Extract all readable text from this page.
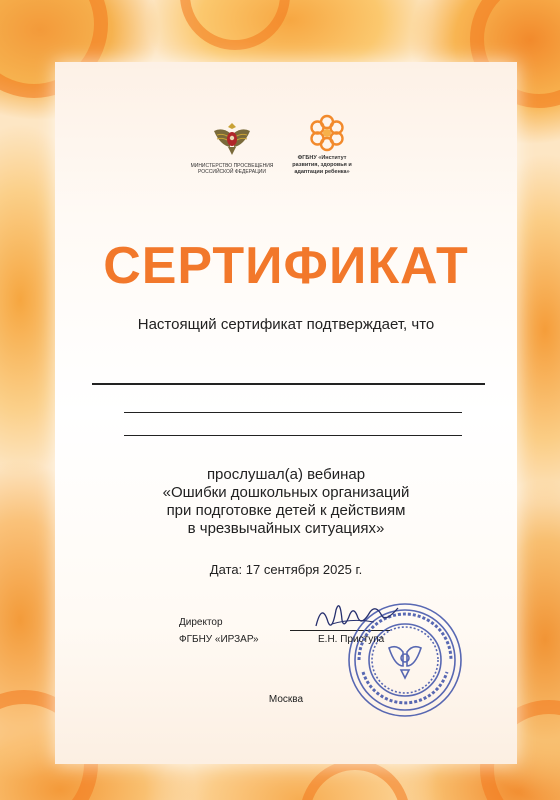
МИНИСТЕРСТВО ПРОСВЕЩЕНИЯ РОССИЙСКОЙ ФЕДЕРАЦИИ
ФГБНУ «Институт развития, здоровья и адаптации ребенка»
СЕРТИФИКАТ
Настоящий сертификат подтверждает, что
прослушал(а) вебинар
«Ошибки дошкольных организаций
при подготовке детей к действиям
в чрезвычайных ситуациях»
Дата: 17 сентября 2025 г.
Директор
ФГБНУ «ИРЗАР»	Е.Н. Приступа
Москва
